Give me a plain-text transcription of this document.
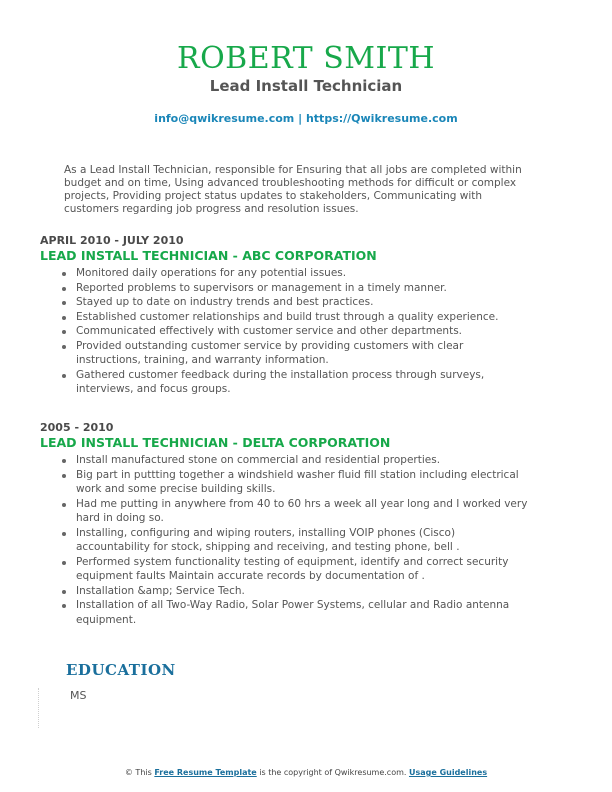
ROBERT SMITH
Lead Install Technician
info@qwikresume.com | https://Qwikresume.com
As a Lead Install Technician, responsible for Ensuring that all jobs are completed within budget and on time, Using advanced troubleshooting methods for difficult or complex projects, Providing project status updates to stakeholders, Communicating with customers regarding job progress and resolution issues.
APRIL 2010 - JULY 2010
LEAD INSTALL TECHNICIAN - ABC CORPORATION
Monitored daily operations for any potential issues.
Reported problems to supervisors or management in a timely manner.
Stayed up to date on industry trends and best practices.
Established customer relationships and build trust through a quality experience.
Communicated effectively with customer service and other departments.
Provided outstanding customer service by providing customers with clear instructions, training, and warranty information.
Gathered customer feedback during the installation process through surveys, interviews, and focus groups.
2005 - 2010
LEAD INSTALL TECHNICIAN - DELTA CORPORATION
Install manufactured stone on commercial and residential properties.
Big part in puttting together a windshield washer fluid fill station including electrical work and some precise building skills.
Had me putting in anywhere from 40 to 60 hrs a week all year long and I worked very hard in doing so.
Installing, configuring and wiping routers, installing VOIP phones (Cisco) accountability for stock, shipping and receiving, and testing phone, bell .
Performed system functionality testing of equipment, identify and correct security equipment faults Maintain accurate records by documentation of .
Installation &amp; Service Tech.
Installation of all Two-Way Radio, Solar Power Systems, cellular and Radio antenna equipment.
EDUCATION
MS
© This Free Resume Template is the copyright of Qwikresume.com. Usage Guidelines
